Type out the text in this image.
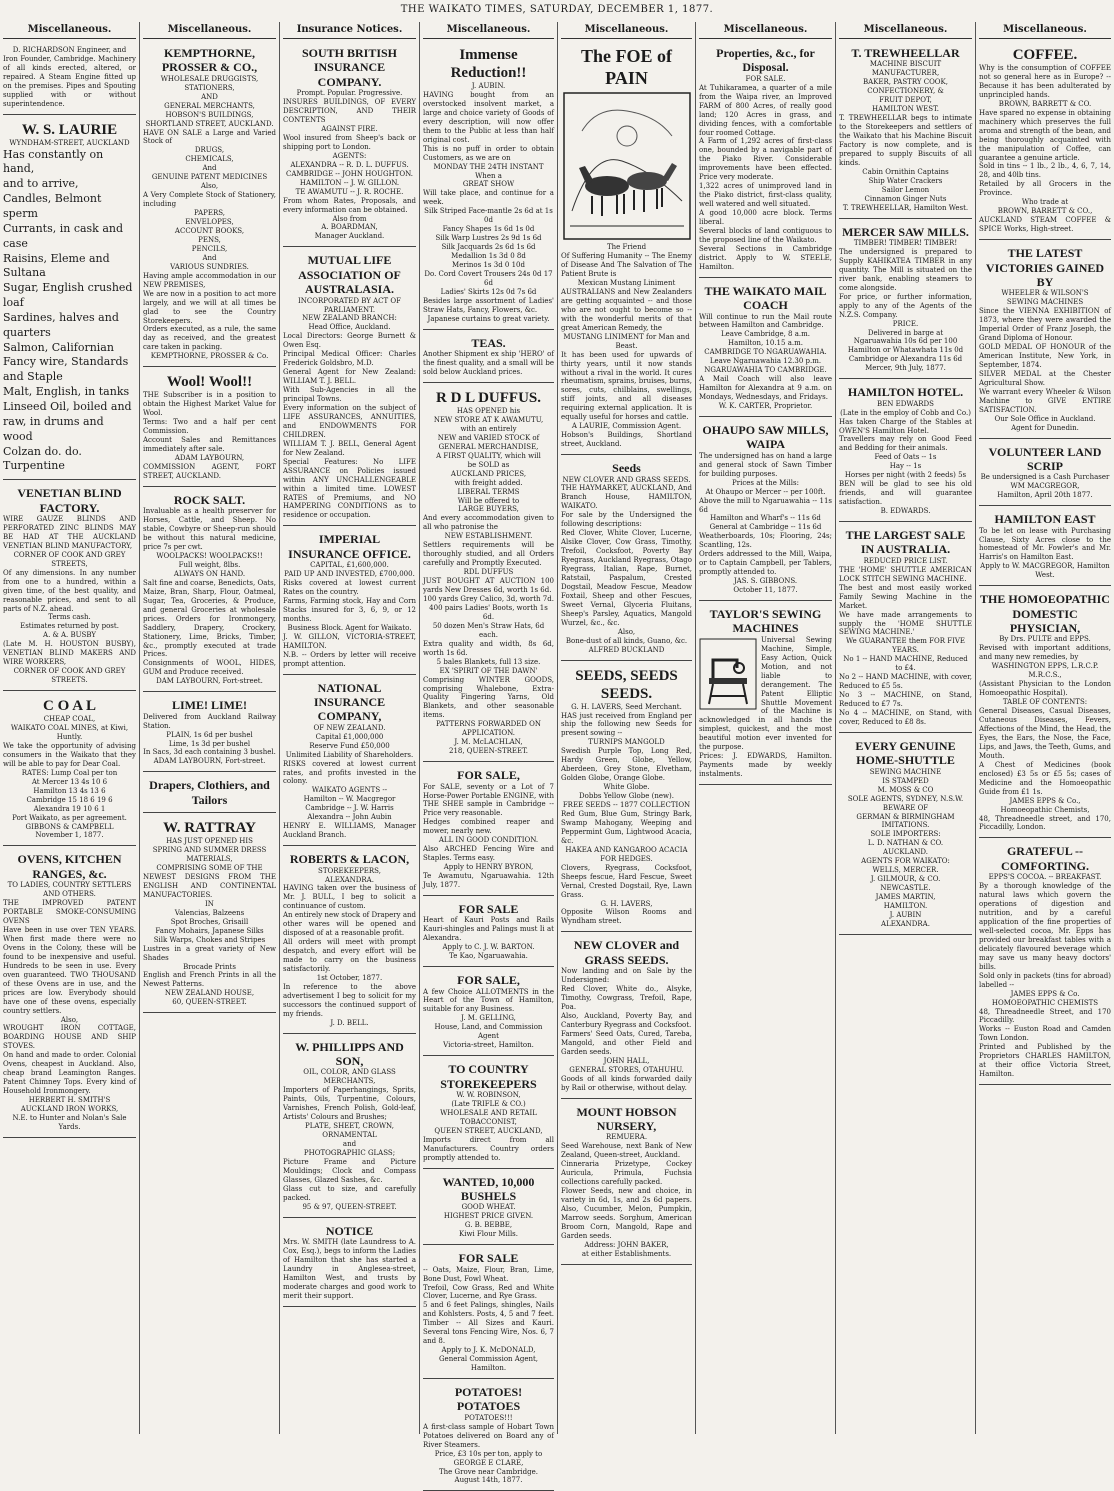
THE WAIKATO TIMES, SATURDAY, DECEMBER 1, 1877.
Miscellaneous.
D. RICHARDSON Engineer, and
Iron Founder, Cambridge. Machinery of all kinds erected, altered, or repaired. A Steam Engine fitted up on the premises. Pipes and Spouting supplied with or without superintendence.
W. S. LAURIE
WYNDHAM-STREET, AUCKLAND
Has constantly on hand,
and to arrive,
Candles, Belmont sperm
Currants, in cask and case
Raisins, Eleme and Sultana
Sugar, English crushed loaf
Sardines, halves and quarters
Salmon, Californian
Fancy wire, Standards and Staple
Malt, English, in tanks
Linseed Oil, boiled and raw, in drums and wood
Colzan do. do.
Turpentine
VENETIAN BLIND FACTORY.
WIRE GAUZE BLINDS AND PERFORATED ZINC BLINDS MAY BE HAD AT THE AUCKLAND VENETIAN BLIND MANUFACTORY,
CORNER OF COOK AND GREY STREETS,
Of any dimensions. In any number from one to a hundred, within a given time, of the best quality, and reasonable prices, and sent to all parts of N.Z. ahead.
Terms cash.
Estimates returned by post.
A. & A. BUSBY
(Late M. H. HOUSTON BUSBY), VENETIAN BLIND MAKERS AND WIRE WORKERS,
CORNER OF COOK AND GREY STREETS.
C O A L
CHEAP COAL,
WAIKATO COAL MINES, at Kiwi, Huntly.
We take the opportunity of advising consumers in the Waikato that they will be able to pay for Dear Coal.
RATES: Lump Coal per ton
At Mercer 13 4s 10 6
Hamilton 13 4s 13 6
Cambridge 15 18 6 19 6
Alexandra 19 10 6 1
Port Waikato, as per agreement.
GIBBONS & CAMPBELL
November 1, 1877.
OVENS, KITCHEN RANGES, &c.
TO LADIES, COUNTRY SETTLERS AND OTHERS.
THE IMPROVED PATENT PORTABLE SMOKE-CONSUMING OVENS
Have been in use over TEN YEARS. When first made there were no Ovens in the Colony, these will be found to be inexpensive and useful. Hundreds to be seen in use. Every oven guaranteed. TWO THOUSAND of these Ovens are in use, and the prices are low. Everybody should have one of these ovens, especially country settlers.
Also,
WROUGHT IRON COTTAGE, BOARDING HOUSE AND SHIP STOVES.
On hand and made to order. Colonial Ovens, cheapest in Auckland. Also, cheap brand Leamington Ranges. Patent Chimney Tops. Every kind of Household Ironmongery.
HERBERT H. SMITH'S
AUCKLAND IRON WORKS,
N.E. to Hunter and Nolan's Sale Yards.
Miscellaneous.
KEMPTHORNE, PROSSER & CO.,
WHOLESALE DRUGGISTS,
STATIONERS,
AND
GENERAL MERCHANTS,
HOBSON'S BUILDINGS,
SHORTLAND STREET, AUCKLAND.
HAVE ON SALE a Large and Varied Stock of
DRUGS,
CHEMICALS,
And
GENUINE PATENT MEDICINES
Also,
A Very Complete Stock of Stationery, including
PAPERS,
ENVELOPES,
ACCOUNT BOOKS,
PENS,
PENCILS,
And
VARIOUS SUNDRIES.
Having ample accommodation in our NEW PREMISES,
We are now in a position to act more largely, and we will at all times be glad to see the Country Storekeepers.
Orders executed, as a rule, the same day as received, and the greatest care taken in packing.
KEMPTHORNE, PROSSER & Co.
Wool! Wool!!
THE Subscriber is in a position to obtain the Highest Market Value for Wool.
Terms: Two and a half per cent Commission.
Account Sales and Remittances immediately after sale.
ADAM LAYBOURN,
COMMISSION AGENT, FORT STREET, AUCKLAND.
ROCK SALT.
Invaluable as a health preserver for Horses, Cattle, and Sheep. No stable, Cowbyre or Sheep-run should be without this natural medicine, price 7s per cwt.
WOOLPACKS! WOOLPACKS!!
Full weight, 8lbs.
ALWAYS ON HAND.
Salt fine and coarse, Benedicts, Oats, Maize, Bran, Sharp, Flour, Oatmeal, Sugar, Tea, Groceries, & Produce, and general Groceries at wholesale prices. Orders for Ironmongery, Saddlery, Drapery, Crockery, Stationery, Lime, Bricks, Timber, &c., promptly executed at trade Prices.
Consignments of WOOL, HIDES, GUM and Produce received.
DAM LAYBOURN, Fort-street.
LIME! LIME!
Delivered from Auckland Railway Station.
PLAIN, 1s 6d per bushel
Lime, 1s 3d per bushel
In Sacs, 3d each containing 3 bushel.
ADAM LAYBOURN, Fort-street.
Drapers, Clothiers, and Tailors
W. RATTRAY
HAS JUST OPENED HIS
SPRING AND SUMMER DRESS MATERIALS,
COMPRISING SOME OF THE
NEWEST DESIGNS FROM THE ENGLISH AND CONTINENTAL MANUFACTORIES.
IN
Valencias, Balzeens
Spot Broches, Grisaill
Fancy Mohairs, Japanese Silks
Silk Warps, Chokes and Stripes
Lustres in a great variety of New Shades
Brocade Prints
English and French Prints in all the Newest Patterns.
NEW ZEALAND HOUSE,
60, QUEEN-STREET.
Insurance Notices.
SOUTH BRITISH INSURANCE COMPANY.
Prompt. Popular. Progressive.
INSURES BUILDINGS, OF EVERY DESCRIPTION, AND THEIR CONTENTS
AGAINST FIRE.
Wool insured from Sheep's back or shipping port to London.
AGENTS:
ALEXANDRA -- R. D. L. DUFFUS.
CAMBRIDGE -- JOHN HOUGHTON.
HAMILTON -- J. W. GILLON.
TE AWAMUTU -- J. R. ROCHE.
From whom Rates, Proposals, and every information can be obtained.
Also from
A. BOARDMAN,
Manager Auckland.
MUTUAL LIFE ASSOCIATION OF AUSTRALASIA.
INCORPORATED BY ACT OF PARLIAMENT.
NEW ZEALAND BRANCH:
Head Office, Auckland.
Local Directors: George Burnett & Owen Esq.
Principal Medical Officer: Charles Frederick Goldsbro, M.D.
General Agent for New Zealand: WILLIAM T. J. BELL.
With Sub-Agencies in all the principal Towns.
Every information on the subject of LIFE ASSURANCES, ANNUITIES, and ENDOWMENTS FOR CHILDREN.
WILLIAM T. J. BELL, General Agent for New Zealand.
Special Features: No LIFE ASSURANCE on Policies issued within ANY UNCHALLENGEABLE within a limited time. LOWEST RATES of Premiums, and NO HAMPERING CONDITIONS as to residence or occupation.
IMPERIAL INSURANCE OFFICE.
CAPITAL, £1,600,000.
PAID UP AND INVESTED, £700,000.
Risks covered at lowest current Rates on the country.
Farms, Farming stock, Hay and Corn Stacks insured for 3, 6, 9, or 12 months.
Business Block. Agent for Waikato.
J. W. GILLON, VICTORIA-STREET, HAMILTON.
N.B. -- Orders by letter will receive prompt attention.
NATIONAL INSURANCE COMPANY,
OF NEW ZEALAND.
Capital £1,000,000
Reserve Fund £50,000
Unlimited Liability of Shareholders.
RISKS covered at lowest current rates, and profits invested in the colony.
WAIKATO AGENTS --
Hamilton -- W. Macgregor
Cambridge -- J. W. Harris
Alexandra -- John Aubin
HENRY E. WILLIAMS, Manager Auckland Branch.
ROBERTS & LACON,
STOREKEEPERS,
ALEXANDRA.
HAVING taken over the business of Mr. J. BULL, I beg to solicit a continuance of custom.
An entirely new stock of Drapery and other wares will be opened and disposed of at a reasonable profit.
All orders will meet with prompt despatch, and every effort will be made to carry on the business satisfactorily.
1st October, 1877.
In reference to the above advertisement I beg to solicit for my successors the continued support of my friends.
J. D. BELL.
W. PHILLIPPS AND SON,
OIL, COLOR, AND GLASS MERCHANTS,
Importers of Paperhangings, Sprits, Paints, Oils, Turpentine, Colours, Varnishes, French Polish, Gold-leaf, Artists' Colours and Brushes;
PLATE, SHEET, CROWN, ORNAMENTAL
and
PHOTOGRAPHIC GLASS;
Picture Frame and Picture Mouldings; Clock and Compass Glasses, Glazed Sashes, &c.
Glass cut to size, and carefully packed.
95 & 97, QUEEN-STREET.
NOTICE
Mrs. W. SMITH (late Laundress to A. Cox, Esq.), begs to inform the Ladies of Hamilton that she has started a Laundry in Anglesea-street, Hamilton West, and trusts by moderate charges and good work to merit their support.
Miscellaneous.
Immense Reduction!!
J. AUBIN.
HAVING bought from an overstocked insolvent market, a large and choice variety of Goods of every description, will now offer them to the Public at less than half original cost.
This is no puff in order to obtain Customers, as we are on
MONDAY THE 24TH INSTANT
When a
GREAT SHOW
Will take place, and continue for a week.
Silk Striped Face-mantle 2s 6d at 1s 0d
Fancy Shapes 1s 6d 1s 0d
Silk Warp Lustres 2s 9d 1s 6d
Silk Jacquards 2s 6d 1s 6d
Medallion 1s 3d 0 8d
Merinos 1s 3d 0 10d
Do. Cord Covert Trousers 24s 0d 17 6d
Ladies' Skirts 12s 0d 7s 6d
Besides large assortment of Ladies' Straw Hats, Fancy, Flowers, &c.
Japanese curtains to great variety.
TEAS.
Another Shipment ex ship 'HERO' of the finest quality, and a small will be sold below Auckland prices.
R D L DUFFUS.
HAS OPENED his
NEW STORE AT K AWAMUTU,
with an entirely
NEW and VARIED STOCK of
GENERAL MERCHANDISE,
A FIRST QUALITY, which will
be SOLD as
AUCKLAND PRICES,
with freight added.
LIBERAL TERMS
Will be offered to
LARGE BUYERS,
And every accommodation given to all who patronise the
NEW ESTABLISHMENT.
Settlers requirements will be thoroughly studied, and all Orders carefully and Promptly Executed.
RDL DUFFUS
JUST BOUGHT AT AUCTION 100 yards New Dresses 6d, worth 1s 6d.
100 yards Grey Calico, 3d, worth 7d.
400 pairs Ladies' Boots, worth 1s 6d.
50 dozen Men's Straw Hats, 6d each.
Extra quality and width, 8s 6d, worth 1s 6d.
5 bales Blankets, full 13 size.
EX 'SPIRIT OF THE DAWN'
Comprising WINTER GOODS, comprising Whalebone, Extra-Quality Fingering Yarns, Old Blankets, and other seasonable items.
PATTERNS FORWARDED ON APPLICATION.
J. M. McLACHLAN,
218, QUEEN-STREET.
FOR SALE,
For SALE, seventy or a Lot of 7 Horse-Power Portable ENGINE, with THE SHEE sample in Cambridge -- Price very reasonable.
Hedges combined reaper and mower, nearly new.
ALL IN GOOD CONDITION.
Also ARCHED Fencing Wire and Staples. Terms easy.
Apply to HENRY BYRON,
Te Awamutu, Ngaruawahia. 12th July, 1877.
FOR SALE
Heart of Kauri Posts and Rails Kauri-shingles and Palings must Ii at Alexandra.
Apply to C. J. W. BARTON.
Te Kao, Ngaruawahia.
FOR SALE,
A few Choice ALLOTMENTS in the Heart of the Town of Hamilton, suitable for any Business.
J. M. GELLING,
House, Land, and Commission Agent
Victoria-street, Hamilton.
TO COUNTRY STOREKEEPERS
W. W. ROBINSON,
(Late TRIFLE & CO.)
WHOLESALE AND RETAIL TOBACCONIST,
QUEEN STREET, AUCKLAND,
Imports direct from all Manufacturers. Country orders promptly attended to.
WANTED, 10,000 BUSHELS
GOOD WHEAT.
HIGHEST PRICE GIVEN.
G. B. BEBBE,
Kiwi Flour Mills.
FOR SALE
-- Oats, Maize, Flour, Bran, Lime, Bone Dust, Fowl Wheat.
Trefoil, Cow Grass, Red and White Clover, Lucerne, and Rye Grass.
5 and 6 feet Palings, shingles, Nails and Kohlsters. Posts, 4, 5 and 7 feet. Timber -- All Sizes and Kauri. Several tons Fencing Wire, Nos. 6, 7 and 8.
Apply to J. K. McDONALD,
General Commission Agent, Hamilton.
POTATOES! POTATOES
POTATOES!!!
A first-class sample of Hobart Town Potatoes delivered on Board any of River Steamers.
Price, £3 10s per ton, apply to
GEORGE E CLARE,
The Grove near Cambridge.
August 14th, 1877.
Miscellaneous.
The FOE of PAIN
The Friend
Of Suffering Humanity -- The Enemy of Disease And The Salvation of The Patient Brute is
Mexican Mustang Liniment
AUSTRALIANS and New Zealanders are getting acquainted -- and those who are not ought to become so -- with the wonderful merits of that great American Remedy, the
MUSTANG LINIMENT for Man and Beast.
It has been used for upwards of thirty years, until it now stands without a rival in the world. It cures rheumatism, sprains, bruises, burns, sores, cuts, chilblains, swellings, stiff joints, and all diseases requiring external application. It is equally useful for horses and cattle.
A LAURIE, Commission Agent.
Hobson's Buildings, Shortland street, Auckland.
Seeds
NEW CLOVER AND GRASS SEEDS.
THE HAYMARKET, AUCKLAND, And Branch House, HAMILTON, WAIKATO.
For sale by the Undersigned the following descriptions:
Red Clover, White Clover, Lucerne, Alsike Clover, Cow Grass, Timothy, Trefoil, Cocksfoot, Poverty Bay Ryegrass, Auckland Ryegrass, Otago Ryegrass, Italian, Rape, Burnet, Ratstail, Paspalum, Crested Dogstail, Meadow Fescue, Meadow Foxtail, Sheep and other Fescues, Sweet Vernal, Glyceria Fluitans, Sheep's Parsley, Aquatics, Mangold Wurzel, &c., &c.
Also,
Bone-dust of all kinds, Guano, &c.
ALFRED BUCKLAND
SEEDS, SEEDS SEEDS.
G. H. LAVERS, Seed Merchant.
HAS just received from England per ship the following new Seeds for present sowing --
TURNIPS MANGOLD
Swedish Purple Top, Long Red, Hardy Green, Globe, Yellow, Aberdeen, Grey Stone, Elvetham, Golden Globe, Orange Globe.
White Globe.
Dobbs Yellow Globe (new).
FREE SEEDS -- 1877 COLLECTION
Red Gum, Blue Gum, Stringy Bark, Swamp Mahogany, Weeping and Peppermint Gum, Lightwood Acacia, &c.
HAKEA AND KANGAROO ACACIA FOR HEDGES.
Clovers, Ryegrass, Cocksfoot, Sheeps fescue, Hard Fescue, Sweet Vernal, Crested Dogstail, Rye, Lawn Grass.
G. H. LAVERS,
Opposite Wilson Rooms and Wyndham street.
NEW CLOVER and GRASS SEEDS.
Now landing and on Sale by the Undersigned:
Red Clover, White do., Alsyke, Timothy, Cowgrass, Trefoil, Rape, Poa.
Also, Auckland, Poverty Bay, and Canterbury Ryegrass and Cocksfoot.
Farmers' Seed Oats, Cured, Tareba, Mangold, and other Field and Garden seeds.
JOHN HALL,
GENERAL STORES, OTAHUHU.
Goods of all kinds forwarded daily by Rail or otherwise, without delay.
MOUNT HOBSON NURSERY,
REMUERA.
Seed Warehouse, next Bank of New Zealand, Queen-street, Auckland.
Cinneraria Prizetype, Cockey Auricula, Primula, Fuchsia collections carefully packed.
Flower Seeds, new and choice, in variety in 6d, 1s, and 2s 6d papers. Also, Cucumber, Melon, Pumpkin, Marrow seeds. Sorghum, American Broom Corn, Mangold, Rape and Garden seeds.
Address: JOHN BAKER,
at either Establishments.
Miscellaneous.
Properties, &c., for Disposal.
FOR SALE.
At Tuhikaramea, a quarter of a mile from the Waipa river, an Improved FARM of 800 Acres, of really good land; 120 Acres in grass, and dividing fences, with a comfortable four roomed Cottage.
A Farm of 1,292 acres of first-class one, bounded by a navigable part of the Piako River. Considerable improvements have been effected. Price very moderate.
1,322 acres of unimproved land in the Piako district, first-class quality, well watered and well situated.
A good 10,000 acre block. Terms liberal.
Several blocks of land contiguous to the proposed line of the Waikato.
Several Sections in Cambridge district. Apply to W. STEELE, Hamilton.
THE WAIKATO MAIL COACH
Will continue to run the Mail route between Hamilton and Cambridge.
Leave Cambridge, 8 a.m.
Hamilton, 10.15 a.m.
CAMBRIDGE TO NGARUAWAHIA.
Leave Ngaruawahia 12.30 p.m.
NGARUAWAHIA TO CAMBRIDGE.
A Mail Coach will also leave Hamilton for Alexandra at 9 a.m. on Mondays, Wednesdays, and Fridays.
W. K. CARTER, Proprietor.
OHAUPO SAW MILLS, WAIPA
The undersigned has on hand a large and general stock of Sawn Timber for building purposes.
Prices at the Mills:
At Ohaupo or Mercer -- per 100ft.
Above the mill to Ngaruawahia -- 11s 6d
Hamilton and Wharf's -- 11s 6d
General at Cambridge -- 11s 6d
Weatherboards, 10s; Flooring, 24s; Scantling, 12s.
Orders addressed to the Mill, Waipa, or to Captain Campbell, per Tablers, promptly attended to.
JAS. S. GIBBONS.
October 11, 1877.
TAYLOR'S SEWING MACHINES
Universal Sewing Machine, Simple, Easy Action, Quick Motion, and not liable to derangement. The Patent Elliptic Shuttle Movement of the Machine is acknowledged in all hands the simplest, quickest, and the most beautiful motion ever invented for the purpose.
Prices: J. EDWARDS, Hamilton. Payments made by weekly instalments.
Miscellaneous.
T. TREWHEELLAR
MACHINE BISCUIT MANUFACTURER,
BAKER, PASTRY COOK, CONFECTIONERY, &
FRUIT DEPOT,
HAMILTON WEST.
T. TREWHEELLAR begs to intimate to the Storekeepers and settlers of the Waikato that his Machine Biscuit Factory is now complete, and is prepared to supply Biscuits of all kinds.
Cabin Ornithin Captains
Ship Water Crackers
Sailor Lemon
Cinnamon Ginger Nuts
T. TREWHEELLAR, Hamilton West.
MERCER SAW MILLS.
TIMBER! TIMBER! TIMBER!
The undersigned is prepared to Supply KAHIKATEA TIMBER in any quantity. The Mill is situated on the river bank, enabling steamers to come alongside.
For price, or further information, apply to any of the Agents of the N.Z.S. Company.
PRICE.
Delivered in barge at
Ngaruawahia 10s 6d per 100
Hamilton or Whatawhata 11s 0d
Cambridge or Alexandra 11s 6d
Mercer, 9th July, 1877.
HAMILTON HOTEL.
BEN EDWARDS
(Late in the employ of Cobb and Co.)
Has taken Charge of the Stables at OWEN'S Hamilton Hotel.
Travellers may rely on Good Feed and Bedding for their animals.
Feed of Oats -- 1s
Hay -- 1s
Horses per night (with 2 feeds) 5s
BEN will be glad to see his old friends, and will guarantee satisfaction.
B. EDWARDS.
THE LARGEST SALE IN AUSTRALIA.
REDUCED PRICE LIST.
THE 'HOME' SHUTTLE AMERICAN LOCK STITCH SEWING MACHINE.
The best and most easily worked Family Sewing Machine in the Market.
We have made arrangements to supply the 'HOME SHUTTLE SEWING MACHINE.'
We GUARANTEE them FOR FIVE YEARS.
No 1 -- HAND MACHINE, Reduced to £4.
No 2 -- HAND MACHINE, with cover, Reduced to £5 5s.
No 3 -- MACHINE, on Stand, Reduced to £7 7s.
No 4 -- MACHINE, on Stand, with cover, Reduced to £8 8s.
EVERY GENUINE HOME-SHUTTLE
SEWING MACHINE
IS STAMPED
M. MOSS & CO
SOLE AGENTS, SYDNEY, N.S.W.
BEWARE OF
GERMAN & BIRMINGHAM IMITATIONS.
SOLE IMPORTERS:
L. D. NATHAN & CO.
AUCKLAND.
AGENTS FOR WAIKATO:
WELLS, MERCER.
J. GILMOUR, & CO.
NEWCASTLE.
JAMES MARTIN,
HAMILTON.
J. AUBIN
ALEXANDRA.
Miscellaneous.
COFFEE.
Why is the consumption of COFFEE not so general here as in Europe? -- Because it has been adulterated by unprincipled hands.
BROWN, BARRETT & CO.
Have spared no expense in obtaining machinery which preserves the full aroma and strength of the bean, and being thoroughly acquainted with the manipulation of Coffee, can guarantee a genuine article.
Sold in tins -- 1 lb., 2 lb., 4, 6, 7, 14, 28, and 40lb tins.
Retailed by all Grocers in the Province.
Who trade at
BROWN, BARRETT & CO.,
AUCKLAND STEAM COFFEE & SPICE Works, High-street.
THE LATEST VICTORIES GAINED BY
WHEELER & WILSON'S
SEWING MACHINES
Since the VIENNA EXHIBITION of 1873, where they were awarded the Imperial Order of Franz Joseph, the Grand Diploma of Honour.
GOLD MEDAL OF HONOUR of the American Institute, New York, in September, 1874.
SILVER MEDAL at the Chester Agricultural Show.
We warrant every Wheeler & Wilson Machine to GIVE ENTIRE SATISFACTION.
Our Sole Office in Auckland.
Agent for Dunedin.
VOLUNTEER LAND SCRIP
Be undersigned is a Cash Purchaser
WM MACGREGOR,
Hamilton, April 20th 1877.
HAMILTON EAST
To be let on lease with Purchasing Clause, Sixty Acres close to the homestead of Mr. Fowler's and Mr. Harris's on Hamilton East.
Apply to W. MACGREGOR, Hamilton West.
THE HOMOEOPATHIC DOMESTIC PHYSICIAN,
By Drs. PULTE and EPPS.
Revised with important additions, and many new remedies, by
WASHINGTON EPPS, L.R.C.P.
M.R.C.S.,
(Assistant Physician to the London Homoeopathic Hospital).
TABLE OF CONTENTS:
General Diseases, Casual Diseases, Cutaneous Diseases, Fevers, Affections of the Mind, the Head, the Eyes, the Ears, the Nose, the Face, Lips, and Jaws, the Teeth, Gums, and Mouth.
A Chest of Medicines (book enclosed) £3 5s or £5 5s; cases of Medicine and the Homoeopathic Guide from £1 1s.
JAMES EPPS & Co.,
Homoeopathic Chemists,
48, Threadneedle street, and 170, Piccadilly, London.
GRATEFUL -- COMFORTING.
EPPS'S COCOA. -- BREAKFAST.
By a thorough knowledge of the natural laws which govern the operations of digestion and nutrition, and by a careful application of the fine properties of well-selected cocoa, Mr. Epps has provided our breakfast tables with a delicately flavoured beverage which may save us many heavy doctors' bills.
Sold only in packets (tins for abroad) labelled --
JAMES EPPS & Co.
HOMOEOPATHIC CHEMISTS
48, Threadneedle Street, and 170 Piccadilly.
Works -- Euston Road and Camden Town London.
Printed and Published by the Proprietors CHARLES HAMILTON, at their office Victoria Street, Hamilton.
